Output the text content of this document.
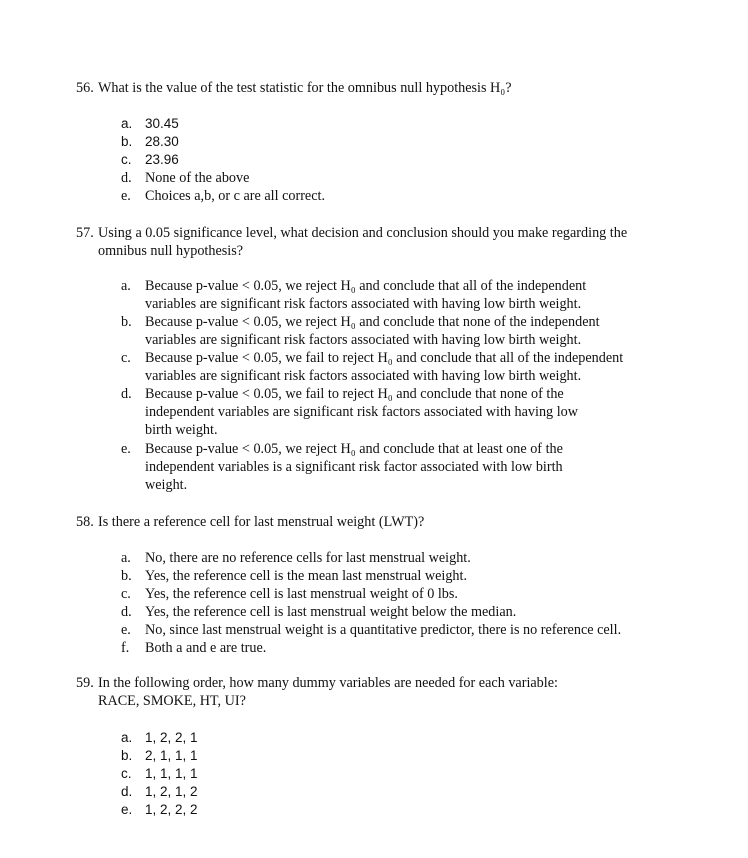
56. What is the value of the test statistic for the omnibus null hypothesis H₀?
a. 30.45
b. 28.30
c. 23.96
d. None of the above
e. Choices a,b, or c are all correct.
57. Using a 0.05 significance level, what decision and conclusion should you make regarding the
omnibus null hypothesis?
a. Because p-value < 0.05, we reject H₀ and conclude that all of the independent
variables are significant risk factors associated with having low birth weight.
b. Because p-value < 0.05, we reject H₀ and conclude that none of the independent
variables are significant risk factors associated with having low birth weight.
c. Because p-value < 0.05, we fail to reject H₀ and conclude that all of the independent
variables are significant risk factors associated with having low birth weight.
d. Because p-value < 0.05, we fail to reject H₀ and conclude that none of the
independent variables are significant risk factors associated with having low
birth weight.
e. Because p-value < 0.05, we reject H₀ and conclude that at least one of the
independent variables is a significant risk factor associated with low birth
weight.
58. Is there a reference cell for last menstrual weight (LWT)?
a. No, there are no reference cells for last menstrual weight.
b. Yes, the reference cell is the mean last menstrual weight.
c. Yes, the reference cell is last menstrual weight of 0 lbs.
d. Yes, the reference cell is last menstrual weight below the median.
e. No, since last menstrual weight is a quantitative predictor, there is no reference cell.
f.	Both a and e are true.
59. In the following order, how many dummy variables are needed for each variable:
RACE, SMOKE, HT, UI?
a. 1, 2, 2, 1
b. 2, 1, 1, 1
c. 1, 1, 1, 1
d. 1, 2, 1, 2
e. 1, 2, 2, 2
